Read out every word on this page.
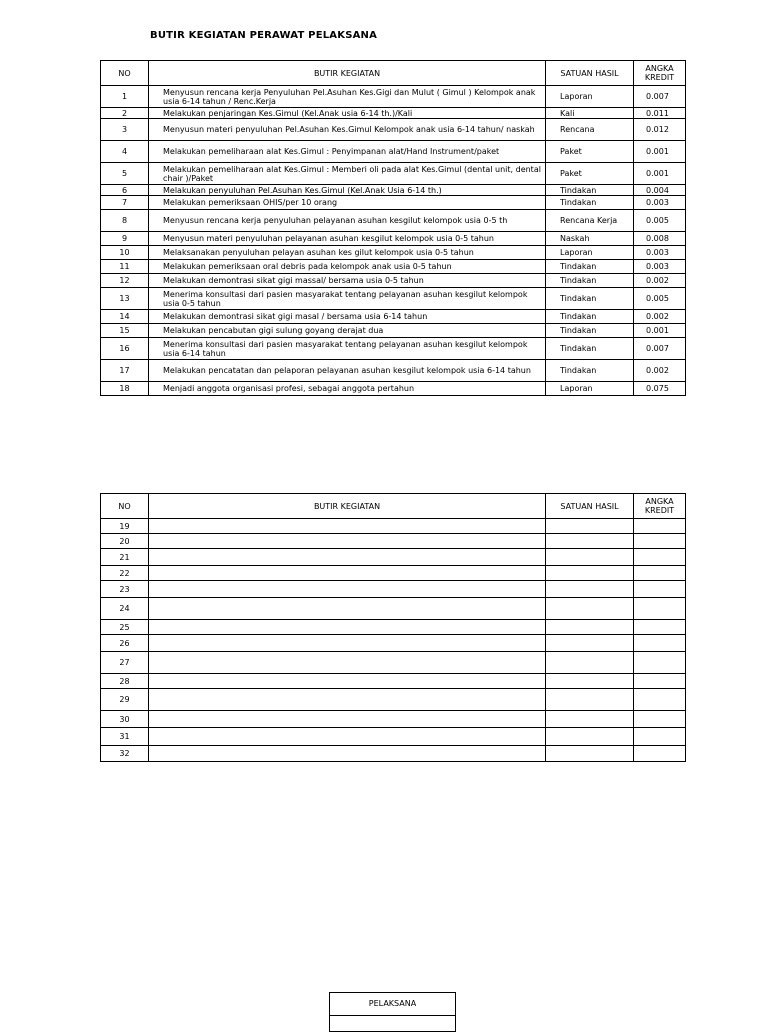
BUTIR KEGIATAN PERAWAT PELAKSANA
NO	BUTIR KEGIATAN	SATUAN HASIL	ANGKA
KREDIT
1	Menyusun rencana kerja Penyuluhan Pel.Asuhan Kes.Gigi dan Mulut ( Gimul ) Kelompok anak usia 6-14 tahun / Renc.Kerja	Laporan	0.007
2	Melakukan penjaringan Kes.Gimul (Kel.Anak usia 6-14 th.)/Kali	Kali	0.011
3	Menyusun materi penyuluhan Pel.Asuhan Kes.Gimul Kelompok anak usia 6-14 tahun/ naskah	Rencana	0.012
4	Melakukan pemeliharaan alat Kes.Gimul : Penyimpanan alat/Hand Instrument/paket	Paket	0.001
5	Melakukan pemeliharaan alat Kes.Gimul : Memberi oli pada alat Kes.Gimul (dental unit, dental chair )/Paket	Paket	0.001
6	Melakukan penyuluhan Pel.Asuhan Kes.Gimul (Kel.Anak Usia 6-14 th.)	Tindakan	0.004
7	Melakukan pemeriksaan OHIS/per 10 orang	Tindakan	0.003
8	Menyusun rencana kerja penyuluhan pelayanan asuhan kesgilut kelompok usia 0-5 th	Rencana Kerja	0.005
9	Menyusun materi penyuluhan pelayanan asuhan kesgilut kelompok usia 0-5 tahun	Naskah	0.008
10	Melaksanakan penyuluhan pelayan asuhan kes gilut kelompok usia 0-5 tahun	Laporan	0.003
11	Melakukan pemeriksaan oral debris pada kelompok anak usia 0-5 tahun	Tindakan	0.003
12	Melakukan demontrasi sikat gigi massal/ bersama usia 0-5 tahun	Tindakan	0.002
13	Menerima konsultasi dari pasien masyarakat tentang pelayanan asuhan kesgilut kelompok usia 0-5 tahun	Tindakan	0.005
14	Melakukan demontrasi sikat gigi masal / bersama usia 6-14 tahun	Tindakan	0.002
15	Melakukan pencabutan gigi sulung goyang derajat dua	Tindakan	0.001
16	Menerima konsultasi dari pasien masyarakat tentang pelayanan asuhan kesgilut kelompok usia 6-14 tahun	Tindakan	0.007
17	Melakukan pencatatan dan pelaporan pelayanan asuhan kesgilut kelompok usia 6-14 tahun	Tindakan	0.002
18	Menjadi anggota organisasi profesi, sebagai anggota pertahun	Laporan	0.075
NO	BUTIR KEGIATAN	SATUAN HASIL	ANGKA
KREDIT
19			
20			
21			
22			
23			
24			
25			
26			
27			
28			
29			
30			
31			
32			
PELAKSANA
